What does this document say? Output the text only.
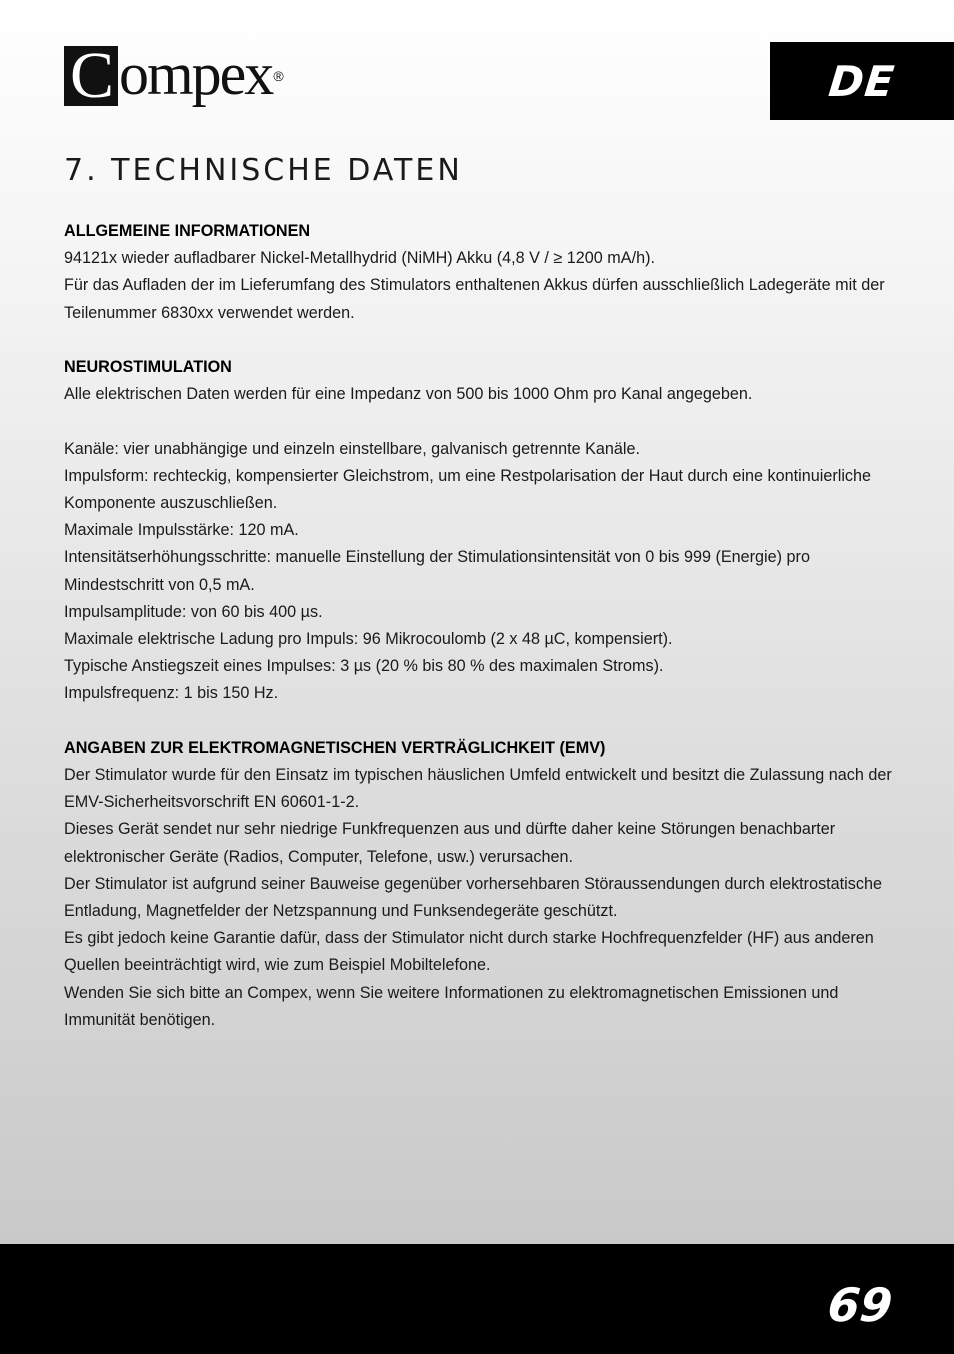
C ompex ®	DE
7. TECHNISCHE DATEN
ALLGEMEINE INFORMATIONEN

94121x wieder aufladbarer Nickel-Metallhydrid (NiMH) Akku (4,8 V / ≥ 1200 mA/h).

Für das Aufladen der im Lieferumfang des Stimulators enthaltenen Akkus dürfen ausschließlich Ladegeräte mit der Teilenummer 6830xx verwendet werden.

NEUROSTIMULATION

Alle elektrischen Daten werden für eine Impedanz von 500 bis 1000 Ohm pro Kanal angegeben.

Kanäle: vier unabhängige und einzeln einstellbare, galvanisch getrennte Kanäle.

Impulsform: rechteckig, kompensierter Gleichstrom, um eine Restpolarisation der Haut durch eine kontinuierliche Komponente auszuschließen.

Maximale Impulsstärke: 120 mA.

Intensitätserhöhungsschritte: manuelle Einstellung der Stimulationsintensität von 0 bis 999 (Energie) pro Mindestschritt von 0,5 mA.

Impulsamplitude: von 60 bis 400 µs.

Maximale elektrische Ladung pro Impuls: 96 Mikrocoulomb (2 x 48 µC, kompensiert).

Typische Anstiegszeit eines Impulses: 3 µs (20 % bis 80 % des maximalen Stroms).

Impulsfrequenz: 1 bis 150 Hz.

ANGABEN ZUR ELEKTROMAGNETISCHEN VERTRÄGLICHKEIT (EMV)

Der Stimulator wurde für den Einsatz im typischen häuslichen Umfeld entwickelt und besitzt die Zulassung nach der EMV-Sicherheitsvorschrift EN 60601-1-2.

Dieses Gerät sendet nur sehr niedrige Funkfrequenzen aus und dürfte daher keine Störungen benachbarter elektronischer Geräte (Radios, Computer, Telefone, usw.) verursachen.

Der Stimulator ist aufgrund seiner Bauweise gegenüber vorhersehbaren Störaussendungen durch elektrostatische Entladung, Magnetfelder der Netzspannung und Funksendegeräte geschützt.

Es gibt jedoch keine Garantie dafür, dass der Stimulator nicht durch starke Hochfrequenzfelder (HF) aus anderen Quellen beeinträchtigt wird, wie zum Beispiel Mobiltelefone.

Wenden Sie sich bitte an Compex, wenn Sie weitere Informationen zu elektromagnetischen Emissionen und Immunität benötigen.

69
